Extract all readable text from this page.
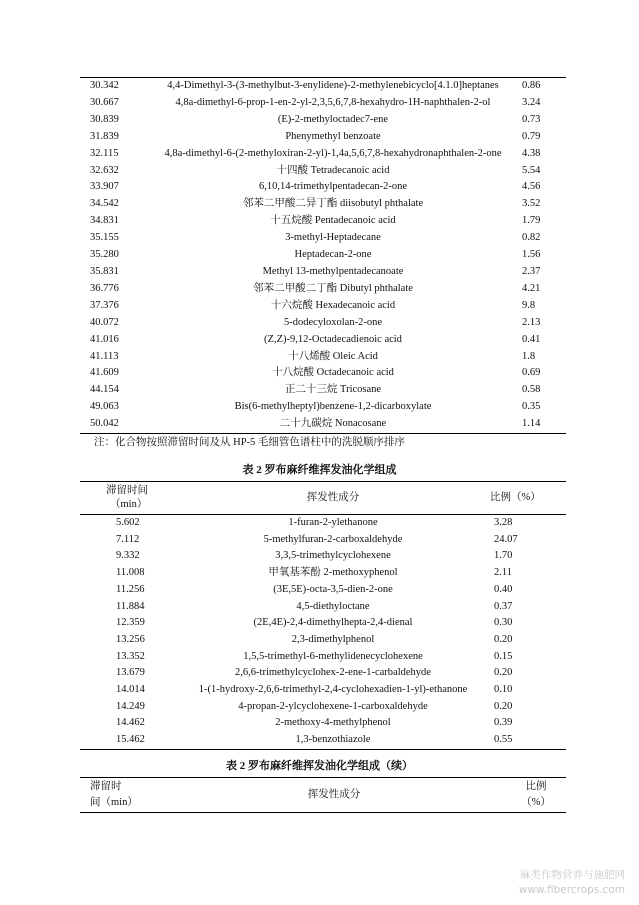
30.342	4,4-Dimethyl-3-(3-methylbut-3-enylidene)-2-methylenebicyclo[4.1.0]heptanes	0.86
30.667	4,8a-dimethyl-6-prop-1-en-2-yl-2,3,5,6,7,8-hexahydro-1H-naphthalen-2-ol	3.24
30.839	(E)-2-methyloctadec7-ene	0.73
31.839	Phenymethyl benzoate	0.79
32.115	4,8a-dimethyl-6-(2-methyloxiran-2-yl)-1,4a,5,6,7,8-hexahydronaphthalen-2-one	4.38
32.632	十四酸 Tetradecanoic acid	5.54
33.907	6,10,14-trimethylpentadecan-2-one	4.56
34.542	邻苯二甲酸二异丁酯 diisobutyl phthalate	3.52
34.831	十五烷酸 Pentadecanoic acid	1.79
35.155	3-methyl-Heptadecane	0.82
35.280	Heptadecan-2-one	1.56
35.831	Methyl 13-methylpentadecanoate	2.37
36.776	邻苯二甲酸二丁酯 Dibutyl phthalate	4.21
37.376	十六烷酸 Hexadecanoic acid	9.8
40.072	5-dodecyloxolan-2-one	2.13
41.016	(Z,Z)-9,12-Octadecadienoic acid	0.41
41.113	十八烯酸 Oleic Acid	1.8
41.609	十八烷酸 Octadecanoic acid	0.69
44.154	正二十三烷 Tricosane	0.58
49.063	Bis(6-methylheptyl)benzene-1,2-dicarboxylate	0.35
50.042	二十九碳烷 Nonacosane	1.14
注：化合物按照滞留时间及从 HP-5 毛细管色谱柱中的洗脱顺序排序
表 2 罗布麻纤维挥发油化学组成
滞留时间
（min）	挥发性成分	比例（%）
5.602	1-furan-2-ylethanone	3.28
7.112	5-methylfuran-2-carboxaldehyde	24.07
9.332	3,3,5-trimethylcyclohexene	1.70
11.008	甲氧基苯酚 2-methoxyphenol	2.11
11.256	(3E,5E)-octa-3,5-dien-2-one	0.40
11.884	4,5-diethyloctane	0.37
12.359	(2E,4E)-2,4-dimethylhepta-2,4-dienal	0.30
13.256	2,3-dimethylphenol	0.20
13.352	1,5,5-trimethyl-6-methylidenecyclohexene	0.15
13.679	2,6,6-trimethylcyclohex-2-ene-1-carbaldehyde	0.20
14.014	1-(1-hydroxy-2,6,6-trimethyl-2,4-cyclohexadien-1-yl)-ethanone	0.10
14.249	4-propan-2-ylcyclohexene-1-carboxaldehyde	0.20
14.462	2-methoxy-4-methylphenol	0.39
15.462	1,3-benzothiazole	0.55
表 2 罗布麻纤维挥发油化学组成（续）
滞留时
间（min）	挥发性成分	比例
（%）
麻类作物营养与施肥网
www.fibercrops.com
